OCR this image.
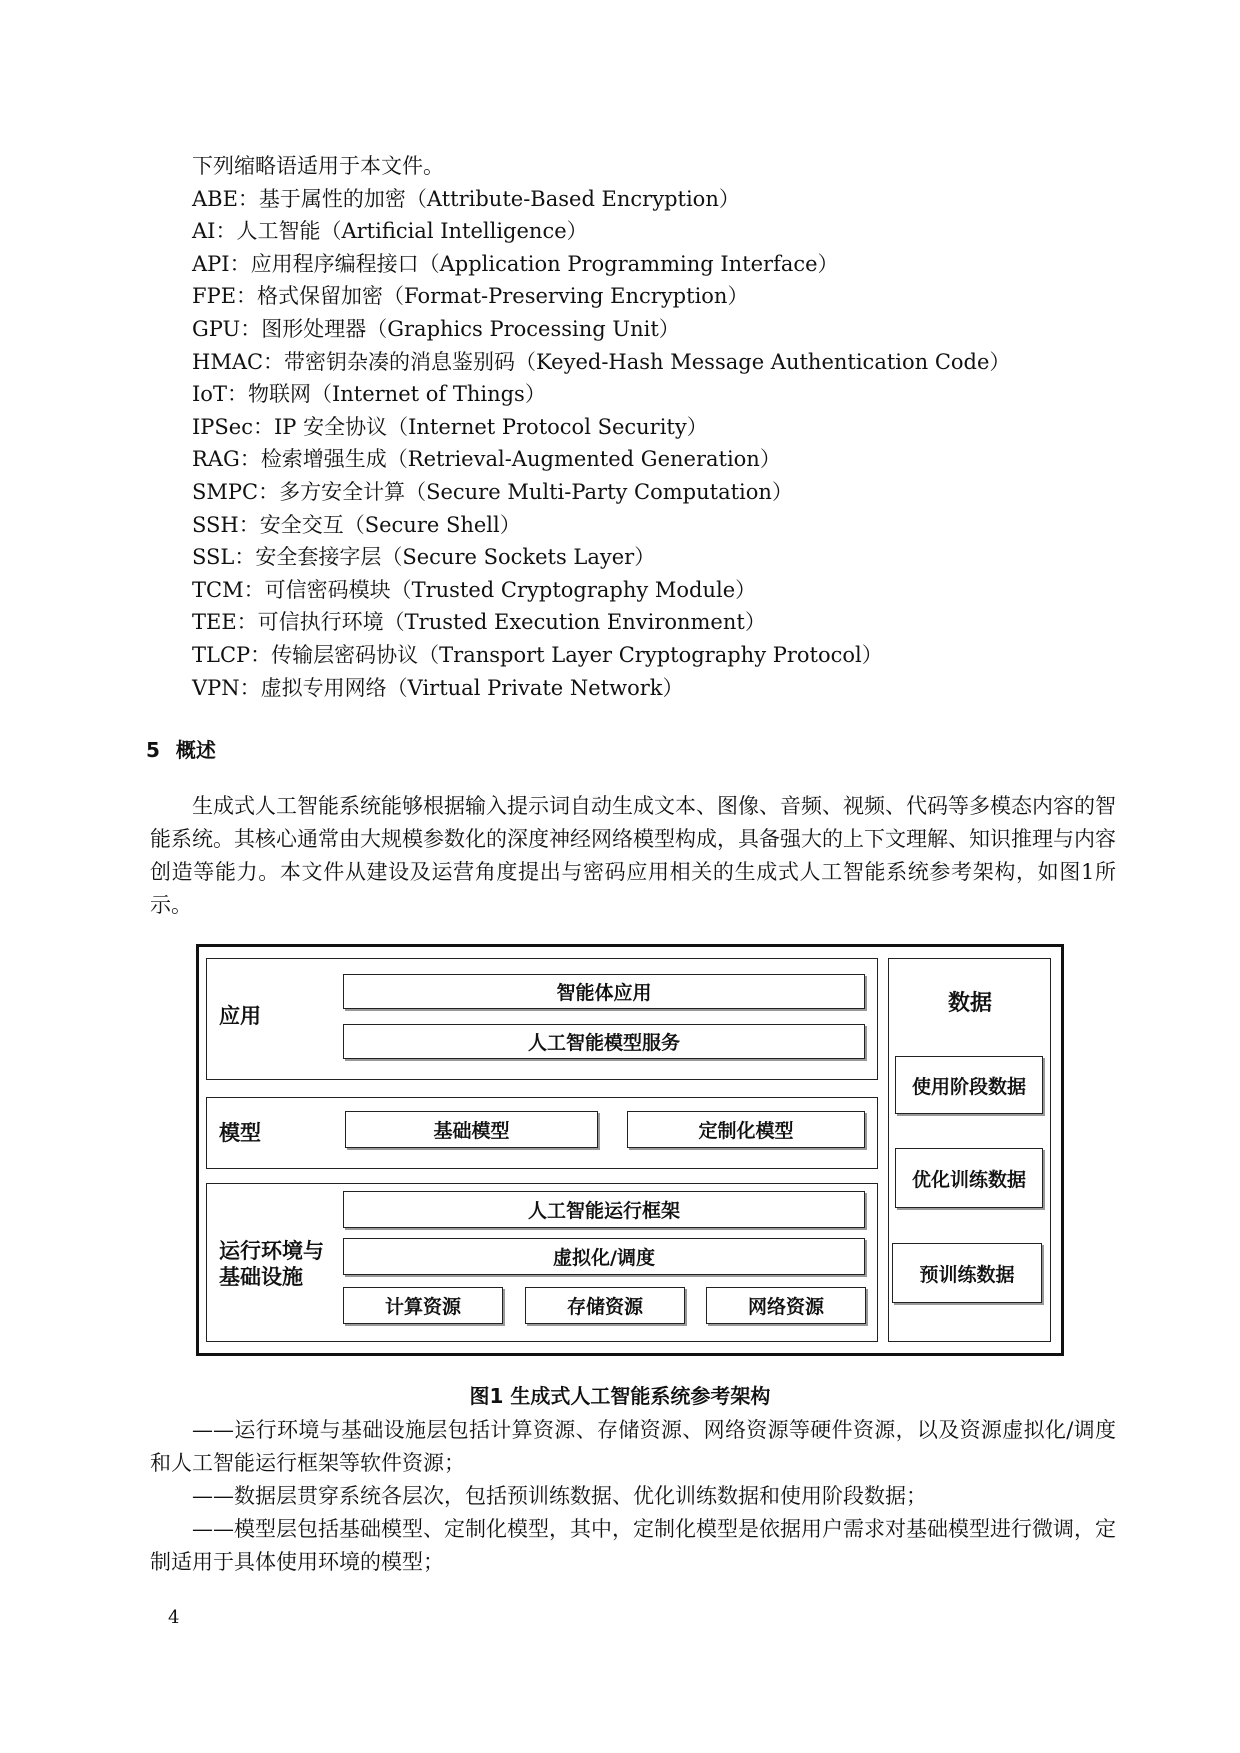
下列缩略语适用于本文件。
ABE：基于属性的加密（Attribute-Based Encryption）
AI：人工智能（Artificial Intelligence）
API：应用程序编程接口（Application Programming Interface）
FPE：格式保留加密（Format-Preserving Encryption）
GPU：图形处理器（Graphics Processing Unit）
HMAC：带密钥杂凑的消息鉴别码（Keyed-Hash Message Authentication Code）
IoT：物联网（Internet of Things）
IPSec：IP 安全协议（Internet Protocol Security）
RAG：检索增强生成（Retrieval-Augmented Generation）
SMPC：多方安全计算（Secure Multi-Party Computation）
SSH：安全交互（Secure Shell）
SSL：安全套接字层（Secure Sockets Layer）
TCM：可信密码模块（Trusted Cryptography Module）
TEE：可信执行环境（Trusted Execution Environment）
TLCP：传输层密码协议（Transport Layer Cryptography Protocol）
VPN：虚拟专用网络（Virtual Private Network）
5 概述
生成式人工智能系统能够根据输入提示词自动生成文本、图像、音频、视频、代码等多模态内容的智能系统。其核心通常由大规模参数化的深度神经网络模型构成，具备强大的上下文理解、知识推理与内容创造等能力。本文件从建设及运营角度提出与密码应用相关的生成式人工智能系统参考架构，如图1所示。
应用
智能体应用
人工智能模型服务
模型	基础模型	定制化模型
运行环境与
基础设施
人工智能运行框架
虚拟化/调度
计算资源	存储资源	网络资源
数据
使用阶段数据
优化训练数据
预训练数据
图1 生成式人工智能系统参考架构
——运行环境与基础设施层包括计算资源、存储资源、网络资源等硬件资源，以及资源虚拟化/调度和人工智能运行框架等软件资源；
——数据层贯穿系统各层次，包括预训练数据、优化训练数据和使用阶段数据；
——模型层包括基础模型、定制化模型，其中，定制化模型是依据用户需求对基础模型进行微调，定制适用于具体使用环境的模型；
4
